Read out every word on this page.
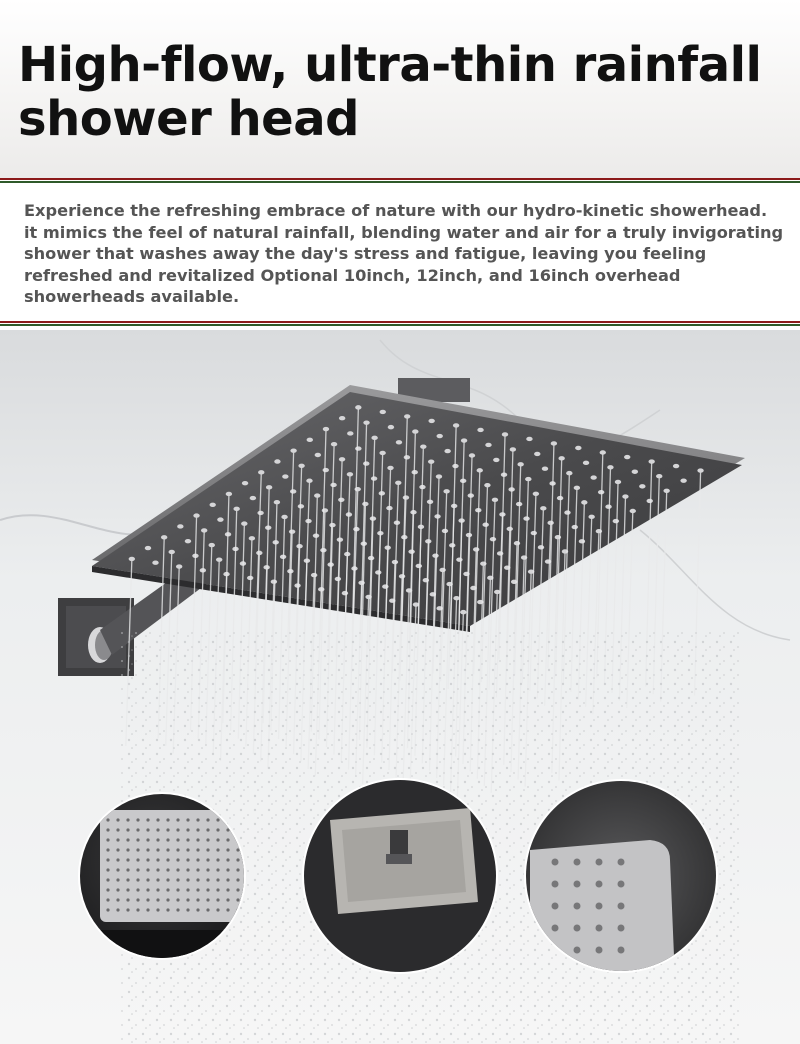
High-flow, ultra-thin rainfall shower head
Experience the refreshing embrace of nature with our hydro-kinetic showerhead. it mimics the feel of natural rainfall, blending water and air for a truly invigorating shower that washes away the day's stress and fatigue, leaving you feeling refreshed and revitalized Optional 10inch, 12inch, and 16inch overhead showerheads available.
